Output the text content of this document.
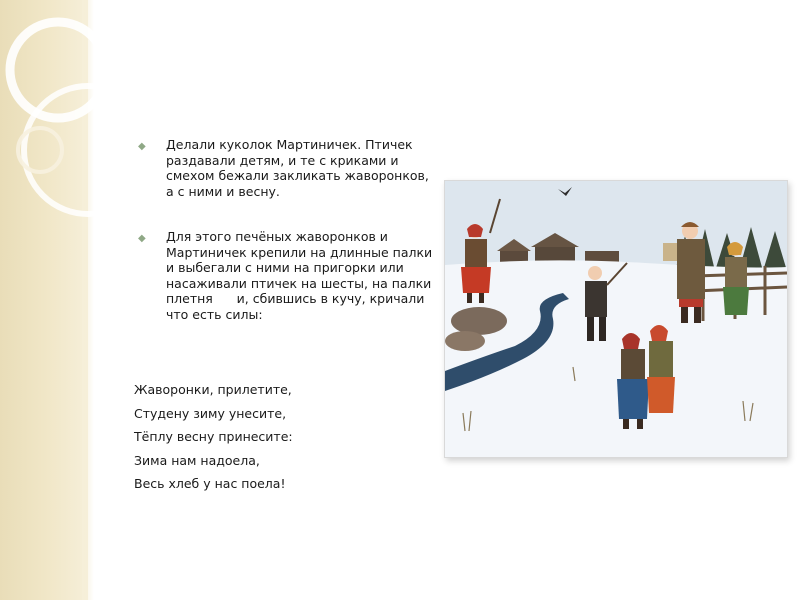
◆ Делали куколок Мартиничек. Птичек раздавали детям, и те с криками и смехом бежали закликать жаворонков, а с ними и весну.
◆ Для этого печёных жаворонков и Мартиничек крепили на длинные палки и выбегали с ними на пригорки или насаживали птичек на шесты, на палки плетня      и, сбившись в кучу, кричали что есть силы:
Жаворонки, прилетите,
Студену зиму унесите,
Тёплу весну принесите:
Зима нам надоела,
Весь хлеб у нас поела!
